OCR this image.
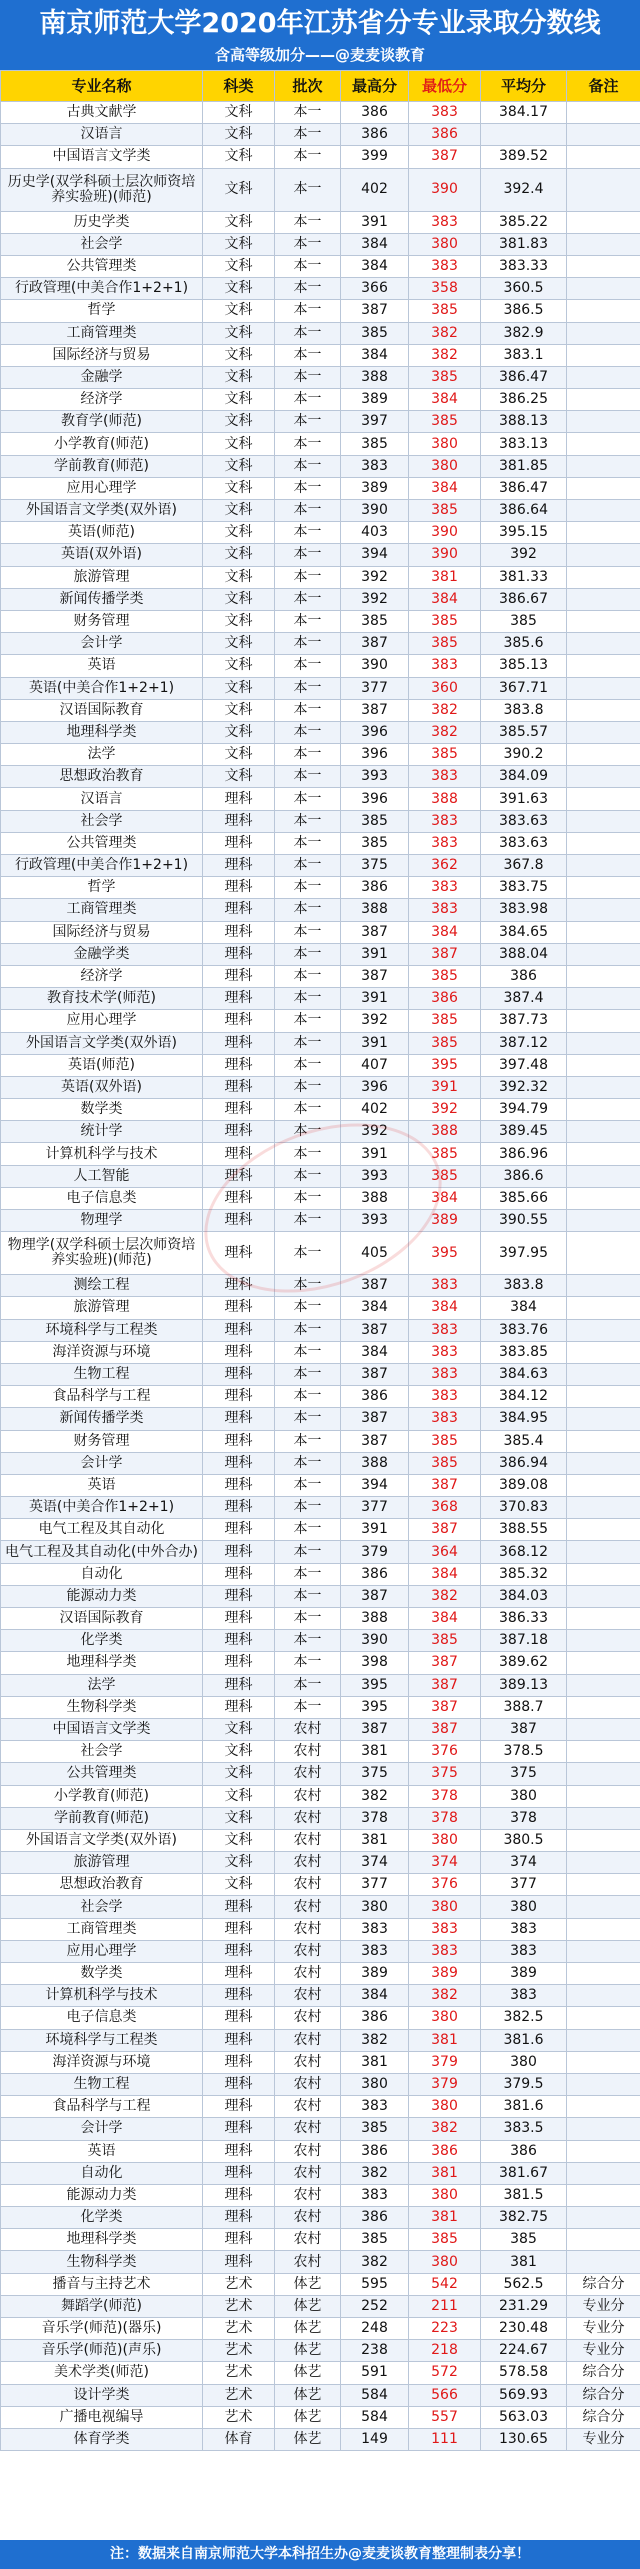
南京师范大学2020年江苏省分专业录取分数线
含高等级加分——@麦麦谈教育
专业名称	科类	批次	最高分	最低分	平均分	备注
古典文献学	文科	本一	386	383	384.17	
汉语言	文科	本一	386	386		
中国语言文学类	文科	本一	399	387	389.52	
历史学(双学科硕士层次师资培养实验班)(师范)	文科	本一	402	390	392.4	
历史学类	文科	本一	391	383	385.22	
社会学	文科	本一	384	380	381.83	
公共管理类	文科	本一	384	383	383.33	
行政管理(中美合作1+2+1)	文科	本一	366	358	360.5	
哲学	文科	本一	387	385	386.5	
工商管理类	文科	本一	385	382	382.9	
国际经济与贸易	文科	本一	384	382	383.1	
金融学	文科	本一	388	385	386.47	
经济学	文科	本一	389	384	386.25	
教育学(师范)	文科	本一	397	385	388.13	
小学教育(师范)	文科	本一	385	380	383.13	
学前教育(师范)	文科	本一	383	380	381.85	
应用心理学	文科	本一	389	384	386.47	
外国语言文学类(双外语)	文科	本一	390	385	386.64	
英语(师范)	文科	本一	403	390	395.15	
英语(双外语)	文科	本一	394	390	392	
旅游管理	文科	本一	392	381	381.33	
新闻传播学类	文科	本一	392	384	386.67	
财务管理	文科	本一	385	385	385	
会计学	文科	本一	387	385	385.6	
英语	文科	本一	390	383	385.13	
英语(中美合作1+2+1)	文科	本一	377	360	367.71	
汉语国际教育	文科	本一	387	382	383.8	
地理科学类	文科	本一	396	382	385.57	
法学	文科	本一	396	385	390.2	
思想政治教育	文科	本一	393	383	384.09	
汉语言	理科	本一	396	388	391.63	
社会学	理科	本一	385	383	383.63	
公共管理类	理科	本一	385	383	383.63	
行政管理(中美合作1+2+1)	理科	本一	375	362	367.8	
哲学	理科	本一	386	383	383.75	
工商管理类	理科	本一	388	383	383.98	
国际经济与贸易	理科	本一	387	384	384.65	
金融学类	理科	本一	391	387	388.04	
经济学	理科	本一	387	385	386	
教育技术学(师范)	理科	本一	391	386	387.4	
应用心理学	理科	本一	392	385	387.73	
外国语言文学类(双外语)	理科	本一	391	385	387.12	
英语(师范)	理科	本一	407	395	397.48	
英语(双外语)	理科	本一	396	391	392.32	
数学类	理科	本一	402	392	394.79	
统计学	理科	本一	392	388	389.45	
计算机科学与技术	理科	本一	391	385	386.96	
人工智能	理科	本一	393	385	386.6	
电子信息类	理科	本一	388	384	385.66	
物理学	理科	本一	393	389	390.55	
物理学(双学科硕士层次师资培养实验班)(师范)	理科	本一	405	395	397.95	
测绘工程	理科	本一	387	383	383.8	
旅游管理	理科	本一	384	384	384	
环境科学与工程类	理科	本一	387	383	383.76	
海洋资源与环境	理科	本一	384	383	383.85	
生物工程	理科	本一	387	383	384.63	
食品科学与工程	理科	本一	386	383	384.12	
新闻传播学类	理科	本一	387	383	384.95	
财务管理	理科	本一	387	385	385.4	
会计学	理科	本一	388	385	386.94	
英语	理科	本一	394	387	389.08	
英语(中美合作1+2+1)	理科	本一	377	368	370.83	
电气工程及其自动化	理科	本一	391	387	388.55	
电气工程及其自动化(中外合办)	理科	本一	379	364	368.12	
自动化	理科	本一	386	384	385.32	
能源动力类	理科	本一	387	382	384.03	
汉语国际教育	理科	本一	388	384	386.33	
化学类	理科	本一	390	385	387.18	
地理科学类	理科	本一	398	387	389.62	
法学	理科	本一	395	387	389.13	
生物科学类	理科	本一	395	387	388.7	
中国语言文学类	文科	农村	387	387	387	
社会学	文科	农村	381	376	378.5	
公共管理类	文科	农村	375	375	375	
小学教育(师范)	文科	农村	382	378	380	
学前教育(师范)	文科	农村	378	378	378	
外国语言文学类(双外语)	文科	农村	381	380	380.5	
旅游管理	文科	农村	374	374	374	
思想政治教育	文科	农村	377	376	377	
社会学	理科	农村	380	380	380	
工商管理类	理科	农村	383	383	383	
应用心理学	理科	农村	383	383	383	
数学类	理科	农村	389	389	389	
计算机科学与技术	理科	农村	384	382	383	
电子信息类	理科	农村	386	380	382.5	
环境科学与工程类	理科	农村	382	381	381.6	
海洋资源与环境	理科	农村	381	379	380	
生物工程	理科	农村	380	379	379.5	
食品科学与工程	理科	农村	383	380	381.6	
会计学	理科	农村	385	382	383.5	
英语	理科	农村	386	386	386	
自动化	理科	农村	382	381	381.67	
能源动力类	理科	农村	383	380	381.5	
化学类	理科	农村	386	381	382.75	
地理科学类	理科	农村	385	385	385	
生物科学类	理科	农村	382	380	381	
播音与主持艺术	艺术	体艺	595	542	562.5	综合分
舞蹈学(师范)	艺术	体艺	252	211	231.29	专业分
音乐学(师范)(器乐)	艺术	体艺	248	223	230.48	专业分
音乐学(师范)(声乐)	艺术	体艺	238	218	224.67	专业分
美术学类(师范)	艺术	体艺	591	572	578.58	综合分
设计学类	艺术	体艺	584	566	569.93	综合分
广播电视编导	艺术	体艺	584	557	563.03	综合分
体育学类	体育	体艺	149	111	130.65	专业分
注：数据来自南京师范大学本科招生办@麦麦谈教育整理制表分享！
